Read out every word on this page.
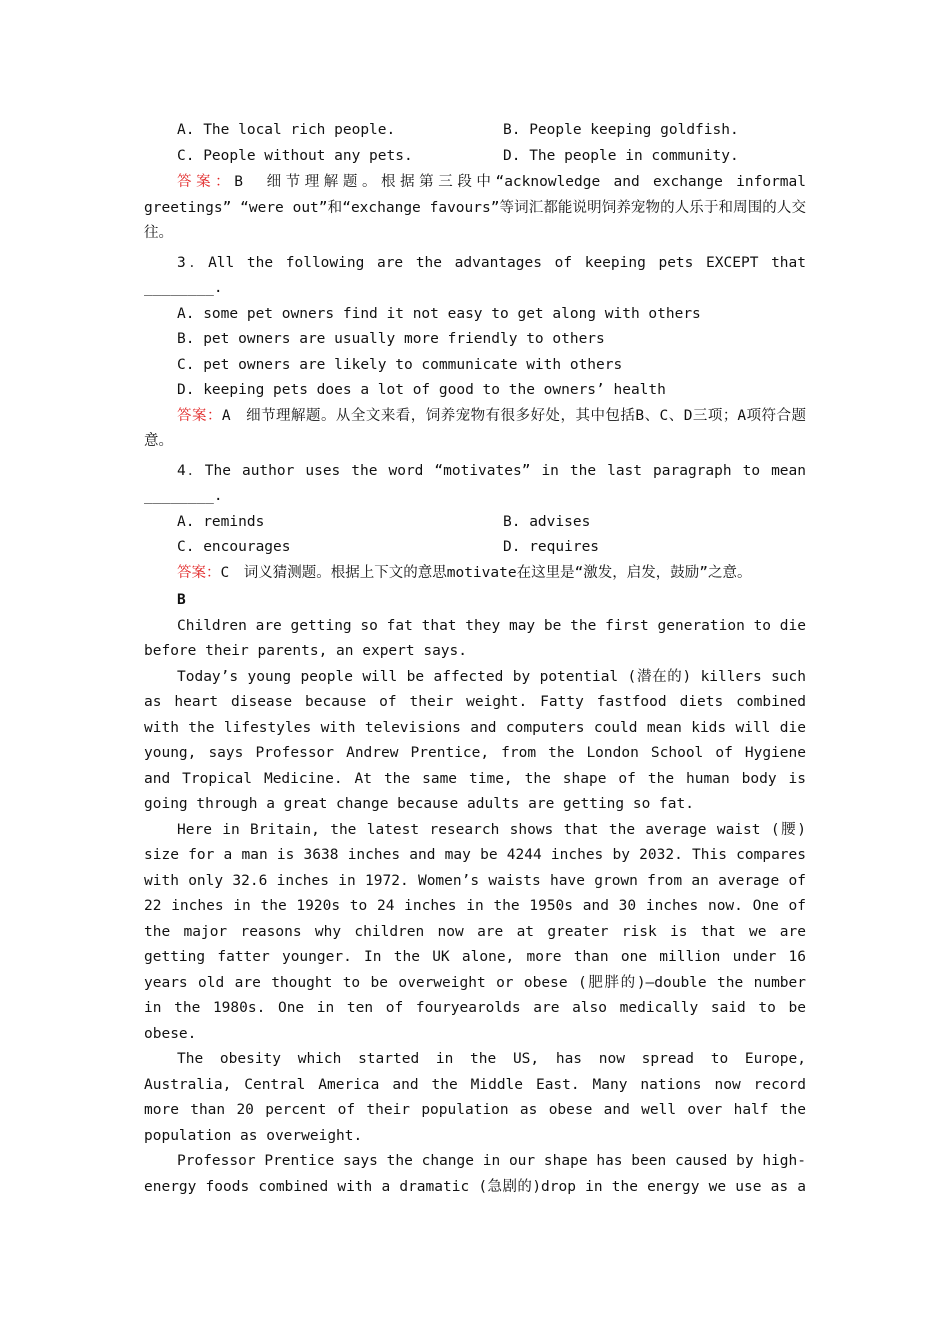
A. The local rich people.	B. People keeping goldfish.
C. People without any pets.	D. The people in community.
答案：B　细节理解题。根据第三段中“acknowledge and exchange informal greetings” “were out”和“exchange favours”等词汇都能说明饲养宠物的人乐于和周围的人交往。
3．All the following are the advantages of keeping pets EXCEPT that
________.
A. some pet owners find it not easy to get along with others
B. pet owners are usually more friendly to others
C. pet owners are likely to communicate with others
D. keeping pets does a lot of good to the owners’ health
答案：A　细节理解题。从全文来看，饲养宠物有很多好处，其中包括B、C、D三项；A项符合题意。
4．The author uses the word “motivates” in the last paragraph to mean
________.
A. reminds	B. advises
C. encourages	D. requires
答案：C　词义猜测题。根据上下文的意思motivate在这里是“激发，启发，鼓励”之意。
B
Children are getting so fat that they may be the first generation to die before their parents, an expert says.
Today’s young people will be affected by potential (潜在的) killers such as heart disease because of their weight. Fatty fastfood diets combined with the lifestyles with televisions and computers could mean kids will die young, says Professor Andrew Prentice, from the London School of Hygiene and Tropical Medicine. At the same time, the shape of the human body is going through a great change because adults are getting so fat.
Here in Britain, the latest research shows that the average waist (腰) size for a man is 3638 inches and may be 4244 inches by 2032. This compares with only 32.6 inches in 1972. Women’s waists have grown from an average of 22 inches in the 1920s to 24 inches in the 1950s and 30 inches now. One of the major reasons why children now are at greater risk is that we are getting fatter younger. In the UK alone, more than one million under 16 years old are thought to be overweight or obese (肥胖的)—double the number in the 1980s. One in ten of fouryearolds are also medically said to be obese.
The obesity which started in the US, has now spread to Europe, Australia, Central America and the Middle East. Many nations now record more than 20 percent of their population as obese and well over half the population as overweight.
Professor Prentice says the change in our shape has been caused by high-energy foods combined with a dramatic (急剧的)drop in the energy we use as a
